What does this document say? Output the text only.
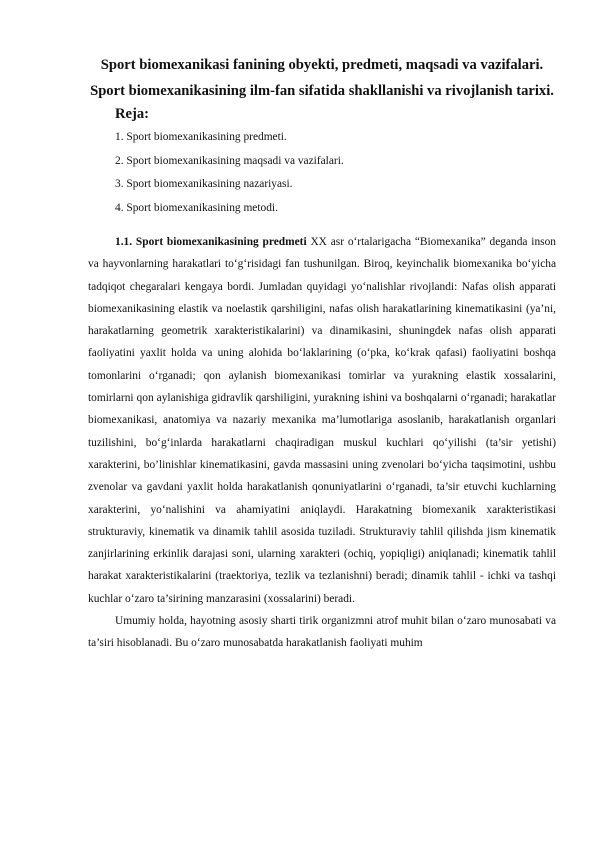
Sport biomexanikasi fanining obyekti, predmeti, maqsadi va vazifalari. Sport biomexanikasining ilm-fan sifatida shakllanishi va rivojlanish tarixi.
Reja:
1. Sport biomexanikasining predmeti.
2. Sport biomexanikasining maqsadi va vazifalari.
3. Sport biomexanikasining nazariyasi.
4. Sport biomexanikasining metodi.

1.1. Sport biomexanikasining predmeti XX asr o‘rtalarigacha “Biomexanika” deganda inson va hayvonlarning harakatlari to‘g‘risidagi fan tushunilgan. Biroq, keyinchalik biomexanika bo‘yicha tadqiqot chegaralari kengaya bordi. Jumladan quyidagi yo‘nalishlar rivojlandi: Nafas olish apparati biomexanikasining elastik va noelastik qarshiligini, nafas olish harakatlarining kinematikasini (ya’ni, harakatlarning geometrik xarakteristikalarini) va dinamikasini, shuningdek nafas olish apparati faoliyatini yaxlit holda va uning alohida bo‘laklarining (o‘pka, ko‘krak qafasi) faoliyatini boshqa tomonlarini o‘rganadi; qon aylanish biomexanikasi tomirlar va yurakning elastik xossalarini, tomirlarni qon aylanishiga gidravlik qarshiligini, yurakning ishini va boshqalarni o‘rganadi; harakatlar biomexanikasi, anatomiya va nazariy mexanika ma’lumotlariga asoslanib, harakatlanish organlari tuzilishini, bo‘g‘inlarda harakatlarni chaqiradigan muskul kuchlari qo‘yilishi (ta’sir yetishi) xarakterini, bo’linishlar kinematikasini, gavda massasini uning zvenolari bo‘yicha taqsimotini, ushbu zvenolar va gavdani yaxlit holda harakatlanish qonuniyatlarini o‘rganadi, ta’sir etuvchi kuchlarning xarakterini, yo‘nalishini va ahamiyatini aniqlaydi. Harakatning biomexanik xarakteristikasi strukturaviy, kinematik va dinamik tahlil asosida tuziladi. Strukturaviy tahlil qilishda jism kinematik zanjirlarining erkinlik darajasi soni, ularning xarakteri (ochiq, yopiqligi) aniqlanadi; kinematik tahlil harakat xarakteristikalarini (traektoriya, tezlik va tezlanishni) beradi; dinamik tahlil - ichki va tashqi kuchlar o‘zaro ta’sirining manzarasini (xossalarini) beradi.

Umumiy holda, hayotning asosiy sharti tirik organizmni atrof muhit bilan o‘zaro munosabati va ta’siri hisoblanadi. Bu o‘zaro munosabatda harakatlanish faoliyati muhim
